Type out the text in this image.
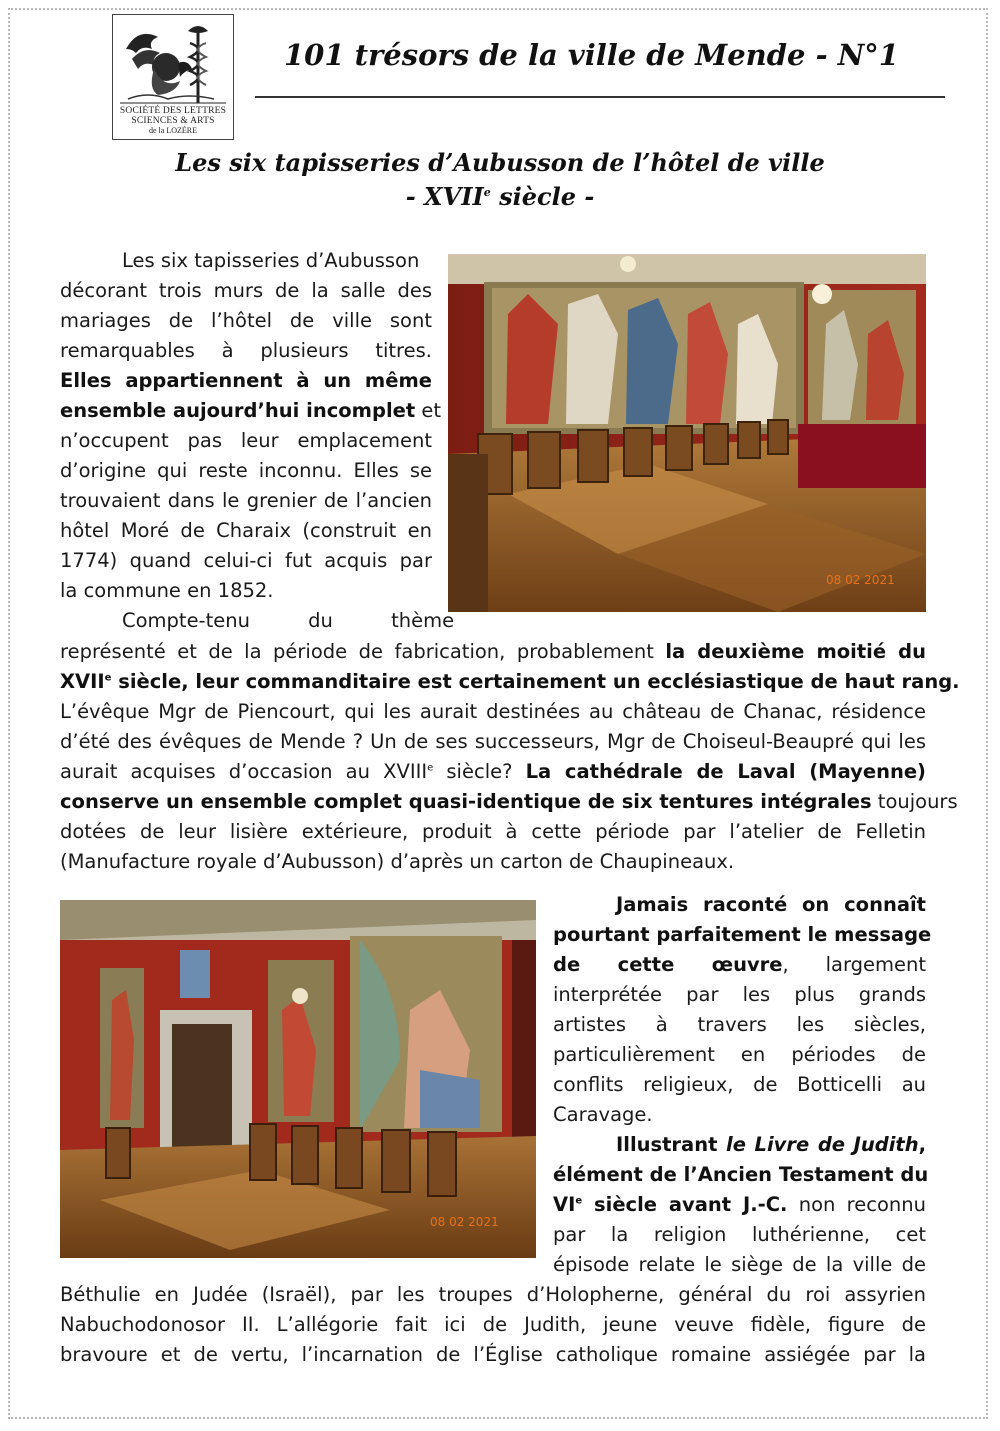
SOCIÉTÉ DES LETTRES
SCIENCES & ARTS
de la LOZÈRE
101 trésors de la ville de Mende - N°1
Les six tapisseries d’Aubusson de l’hôtel de ville
- XVIIe siècle -
08 02 2021
Les six tapisseries d’Aubusson
décorant trois murs de la salle des
mariages de l’hôtel de ville sont
remarquables à plusieurs titres.
Elles appartiennent à un même
ensemble aujourd’hui incomplet et
n’occupent pas leur emplacement
d’origine qui reste inconnu. Elles se
trouvaient dans le grenier de l’ancien
hôtel Moré de Charaix (construit en
1774) quand celui-ci fut acquis par
la commune en 1852.
Compte-tenu du thème
représenté et de la période de fabrication, probablement la deuxième moitié du
XVIIe siècle, leur commanditaire est certainement un ecclésiastique de haut rang.
L’évêque Mgr de Piencourt, qui les aurait destinées au château de Chanac, résidence
d’été des évêques de Mende ? Un de ses successeurs, Mgr de Choiseul-Beaupré qui les
aurait acquises d’occasion au XVIIIe siècle? La cathédrale de Laval (Mayenne)
conserve un ensemble complet quasi-identique de six tentures intégrales toujours
dotées de leur lisière extérieure, produit à cette période par l’atelier de Felletin
(Manufacture royale d’Aubusson) d’après un carton de Chaupineaux.
08 02 2021
Jamais raconté on connaît
pourtant parfaitement le message
de cette œuvre, largement
interprétée par les plus grands
artistes à travers les siècles,
particulièrement en périodes de
conflits religieux, de Botticelli au
Caravage.
Illustrant le Livre de Judith,
élément de l’Ancien Testament du
VIe siècle avant J.-C. non reconnu
par la religion luthérienne, cet
épisode relate le siège de la ville de
Béthulie en Judée (Israël), par les troupes d’Holopherne, général du roi assyrien
Nabuchodonosor II. L’allégorie fait ici de Judith, jeune veuve fidèle, figure de
bravoure et de vertu, l’incarnation de l’Église catholique romaine assiégée par la
